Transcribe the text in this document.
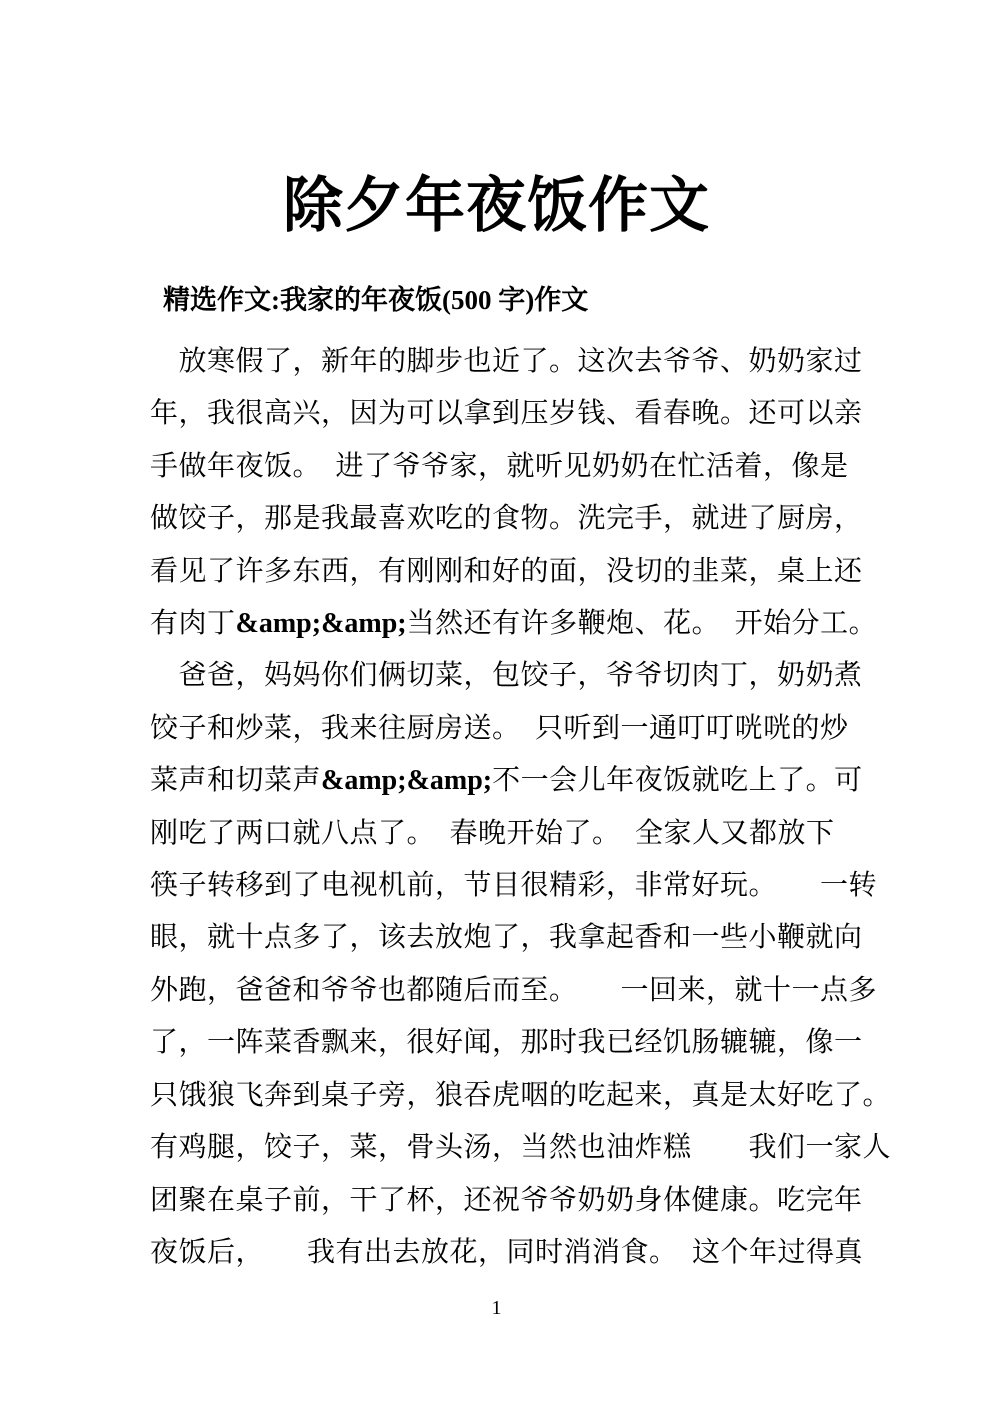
除夕年夜饭作文
精选作文:我家的年夜饭(500 字)作文
　放寒假了，新年的脚步也近了。这次去爷爷、奶奶家过
年，我很高兴，因为可以拿到压岁钱、看春晚。还可以亲
手做年夜饭。　进了爷爷家，就听见奶奶在忙活着，像是
做饺子，那是我最喜欢吃的食物。洗完手，就进了厨房，
看见了许多东西，有刚刚和好的面，没切的韭菜，桌上还
有肉丁&amp;&amp;当然还有许多鞭炮、花。　开始分工。
　爸爸，妈妈你们俩切菜，包饺子，爷爷切肉丁，奶奶煮
饺子和炒菜，我来往厨房送。　只听到一通叮叮咣咣的炒
菜声和切菜声&amp;&amp;不一会儿年夜饭就吃上了。可
刚吃了两口就八点了。　春晚开始了。　全家人又都放下
筷子转移到了电视机前，节目很精彩，非常好玩。　　一转
眼，就十点多了，该去放炮了，我拿起香和一些小鞭就向
外跑，爸爸和爷爷也都随后而至。　　一回来，就十一点多
了，一阵菜香飘来，很好闻，那时我已经饥肠辘辘，像一
只饿狼飞奔到桌子旁，狼吞虎咽的吃起来，真是太好吃了。
有鸡腿，饺子，菜，骨头汤，当然也油炸糕　　我们一家人
团聚在桌子前，干了杯，还祝爷爷奶奶身体健康。吃完年
夜饭后，　　我有出去放花，同时消消食。　这个年过得真
1
